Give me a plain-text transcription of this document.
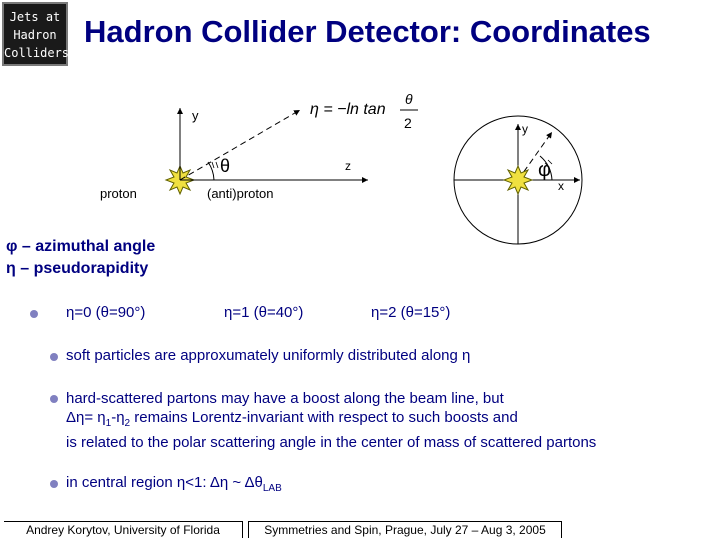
Jets at
Hadron
Colliders
Hadron Collider Detector: Coordinates
y
θ	z
proton	(anti)proton
η = −ln tan
θ
2	y
x
φ
φ – azimuthal angle
η – pseudorapidity
η=0 (θ=90°)	η=1 (θ=40°)	η=2 (θ=15°)
soft particles are approxumately uniformly distributed along η
hard-scattered partons may have a boost along the beam line, but
$\Delta\eta= \eta_1-\eta_2$ remains Lorentz-invariant with respect to such boosts and
is related to the polar scattering angle in the center of mass of scattered partons
in central region η<1: Δη ~ $\Delta\theta_{LAB}$
Andrey Korytov, University of Florida	Symmetries and Spin, Prague, July 27 – Aug 3, 2005
